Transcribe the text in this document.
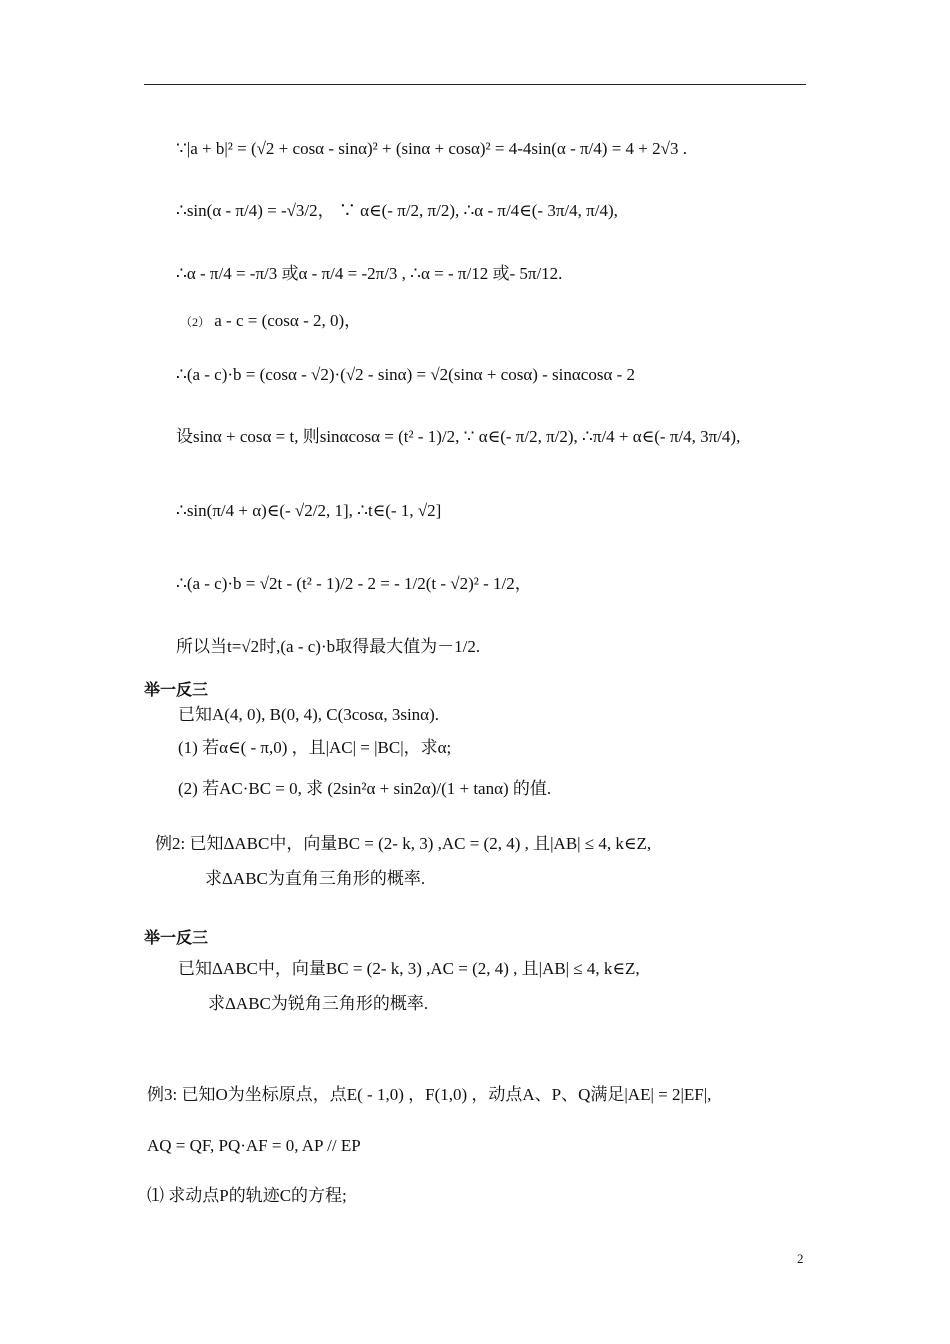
∵|a + b|² = (√2 + cosα - sinα)² + (sinα + cosα)² = 4-4sin(α - π/4) = 4 + 2√3 .
∴sin(α - π/4) = -√3/2， ∵ α∈(- π/2, π/2), ∴α - π/4∈(- 3π/4, π/4),
∴α - π/4 = -π/3 或α - π/4 = -2π/3 , ∴α = - π/12 或- 5π/12.
（2） a - c = (cosα - 2, 0)，
∴(a - c)·b = (cosα - √2)·(√2 - sinα) = √2(sinα + cosα) - sinαcosα - 2
设sinα + cosα = t, 则sinαcosα = (t² - 1)/2, ∵ α∈(- π/2, π/2), ∴π/4 + α∈(- π/4, 3π/4),
∴sin(π/4 + α)∈(- √2/2, 1], ∴t∈(- 1, √2]
∴(a - c)·b = √2t - (t² - 1)/2 - 2 = - 1/2(t - √2)² - 1/2，
所以当t=√2时,(a - c)·b取得最大值为－1/2.
举一反三
已知A(4, 0), B(0, 4), C(3cosα, 3sinα).
(1) 若α∈( - π,0) ，且|AC| = |BC|，求α;
(2) 若AC·BC = 0, 求 (2sin²α + sin2α)/(1 + tanα) 的值.
例2: 已知ΔABC中，向量BC = (2- k, 3) ,AC = (2, 4) , 且|AB| ≤ 4, k∈Z,
求ΔABC为直角三角形的概率.
举一反三
已知ΔABC中，向量BC = (2- k, 3) ,AC = (2, 4) , 且|AB| ≤ 4, k∈Z,
求ΔABC为锐角三角形的概率.
例3: 已知O为坐标原点，点E( - 1,0) ，F(1,0) ，动点A、P、Q满足|AE| = 2|EF|,
AQ = QF, PQ·AF = 0, AP // EP
⑴ 求动点P的轨迹C的方程;
2
